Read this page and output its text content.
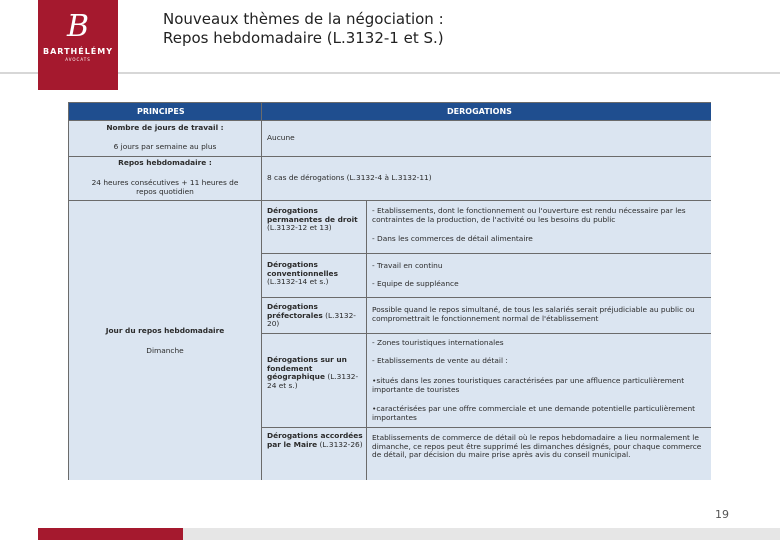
B
BARTHÉLÉMY
AVOCATS
Nouveaux thèmes de la négociation :
Repos hebdomadaire (L.3132-1 et S.)
PRINCIPES	DEROGATIONS
Nombre de jours de travail :
6 jours par semaine au plus
Repos hebdomadaire :
24 heures consécutives + 11 heures de repos quotidien
Jour du repos hebdomadaire
Dimanche
Aucune
8 cas de dérogations (L.3132-4 à L.3132-11)
Dérogations permanentes de droit (L.3132-12 et 13)
- Etablissements, dont le fonctionnement ou l'ouverture est rendu nécessaire par les contraintes de la production, de l'activité ou les besoins du public
- Dans les commerces de détail alimentaire
Dérogations conventionnelles (L.3132-14 et s.)
- Travail en continu
- Equipe de suppléance
Dérogations préfectorales (L.3132-20)
Possible quand le repos simultané, de tous les salariés serait préjudiciable au public ou compromettrait le fonctionnement normal de l'établissement
Dérogations sur un fondement géographique (L.3132-24 et s.)
- Zones touristiques internationales
- Etablissements de vente au détail :
•situés dans les zones touristiques caractérisées par une affluence particulièrement importante de touristes
•caractérisées par une offre commerciale et une demande potentielle particulièrement importantes
Dérogations accordées par le Maire (L.3132-26)
Etablissements de commerce de détail où le repos hebdomadaire a lieu normalement le dimanche, ce repos peut être supprimé les dimanches désignés, pour chaque commerce de détail, par décision du maire prise après avis du conseil municipal.
19
